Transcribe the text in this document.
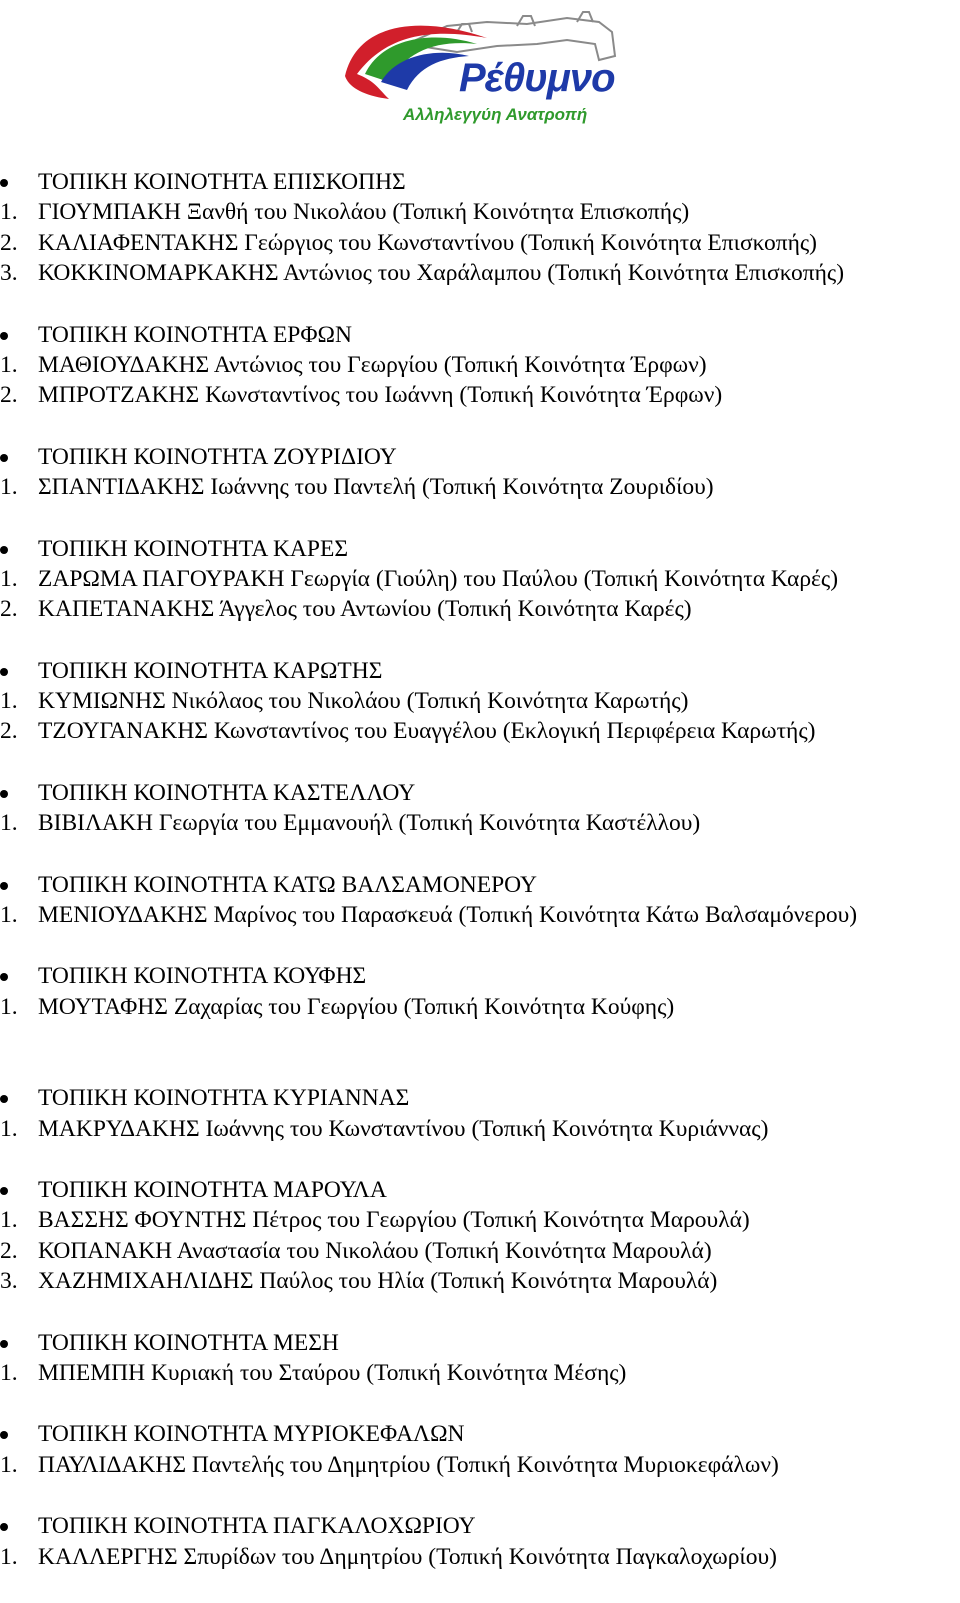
Ρέθυμνο
Αλληλεγγύη Ανατροπή
ΤΟΠΙΚΗ ΚΟΙΝΟΤΗΤΑ ΕΠΙΣΚΟΠΗΣ
1. ΓΙΟΥΜΠΑΚΗ Ξανθή του Νικολάου (Τοπική Κοινότητα Επισκοπής)
2. ΚΑΛΙΑΦΕΝΤΑΚΗΣ Γεώργιος του Κωνσταντίνου (Τοπική Κοινότητα Επισκοπής)
3. ΚΟΚΚΙΝΟΜΑΡΚΑΚΗΣ Αντώνιος του Χαράλαμπου (Τοπική Κοινότητα Επισκοπής)
ΤΟΠΙΚΗ ΚΟΙΝΟΤΗΤΑ ΕΡΦΩΝ
1. ΜΑΘΙΟΥΔΑΚΗΣ Αντώνιος του Γεωργίου (Τοπική Κοινότητα Έρφων)
2. ΜΠΡΟΤΖΑΚΗΣ Κωνσταντίνος του Ιωάννη (Τοπική Κοινότητα Έρφων)
ΤΟΠΙΚΗ ΚΟΙΝΟΤΗΤΑ ΖΟΥΡΙΔΙΟΥ
1. ΣΠΑΝΤΙΔΑΚΗΣ Ιωάννης του Παντελή (Τοπική Κοινότητα Ζουριδίου)
ΤΟΠΙΚΗ ΚΟΙΝΟΤΗΤΑ ΚΑΡΕΣ
1. ΖΑΡΩΜΑ ΠΑΓΟΥΡΑΚΗ Γεωργία (Γιούλη) του Παύλου (Τοπική Κοινότητα Καρές)
2. ΚΑΠΕΤΑΝΑΚΗΣ Άγγελος του Αντωνίου (Τοπική Κοινότητα Καρές)
ΤΟΠΙΚΗ ΚΟΙΝΟΤΗΤΑ ΚΑΡΩΤΗΣ
1. ΚΥΜΙΩΝΗΣ Νικόλαος του Νικολάου (Τοπική Κοινότητα Καρωτής)
2. ΤΖΟΥΓΑΝΑΚΗΣ Κωνσταντίνος του Ευαγγέλου (Εκλογική Περιφέρεια Καρωτής)
ΤΟΠΙΚΗ ΚΟΙΝΟΤΗΤΑ ΚΑΣΤΕΛΛΟΥ
1. ΒΙΒΙΛΑΚΗ Γεωργία του Εμμανουήλ (Τοπική Κοινότητα Καστέλλου)
ΤΟΠΙΚΗ ΚΟΙΝΟΤΗΤΑ ΚΑΤΩ ΒΑΛΣΑΜΟΝΕΡΟΥ
1. ΜΕΝΙΟΥΔΑΚΗΣ Μαρίνος του Παρασκευά (Τοπική Κοινότητα Κάτω Βαλσαμόνερου)
ΤΟΠΙΚΗ ΚΟΙΝΟΤΗΤΑ ΚΟΥΦΗΣ
1. ΜΟΥΤΑΦΗΣ Ζαχαρίας του Γεωργίου (Τοπική Κοινότητα Κούφης)
ΤΟΠΙΚΗ ΚΟΙΝΟΤΗΤΑ ΚΥΡΙΑΝΝΑΣ
1. ΜΑΚΡΥΔΑΚΗΣ Ιωάννης του Κωνσταντίνου (Τοπική Κοινότητα Κυριάννας)
ΤΟΠΙΚΗ ΚΟΙΝΟΤΗΤΑ ΜΑΡΟΥΛΑ
1. ΒΑΣΣΗΣ ΦΟΥΝΤΗΣ Πέτρος του Γεωργίου (Τοπική Κοινότητα Μαρουλά)
2. ΚΟΠΑΝΑΚΗ Αναστασία του Νικολάου (Τοπική Κοινότητα Μαρουλά)
3. ΧΑΖΗΜΙΧΑΗΛΙΔΗΣ Παύλος του Ηλία (Τοπική Κοινότητα Μαρουλά)
ΤΟΠΙΚΗ ΚΟΙΝΟΤΗΤΑ ΜΕΣΗ
1. ΜΠΕΜΠΗ Κυριακή του Σταύρου (Τοπική Κοινότητα Μέσης)
ΤΟΠΙΚΗ ΚΟΙΝΟΤΗΤΑ ΜΥΡΙΟΚΕΦΑΛΩΝ
1. ΠΑΥΛΙΔΑΚΗΣ Παντελής του Δημητρίου (Τοπική Κοινότητα Μυριοκεφάλων)
ΤΟΠΙΚΗ ΚΟΙΝΟΤΗΤΑ ΠΑΓΚΑΛΟΧΩΡΙΟΥ
1. ΚΑΛΛΕΡΓΗΣ Σπυρίδων του Δημητρίου (Τοπική Κοινότητα Παγκαλοχωρίου)
